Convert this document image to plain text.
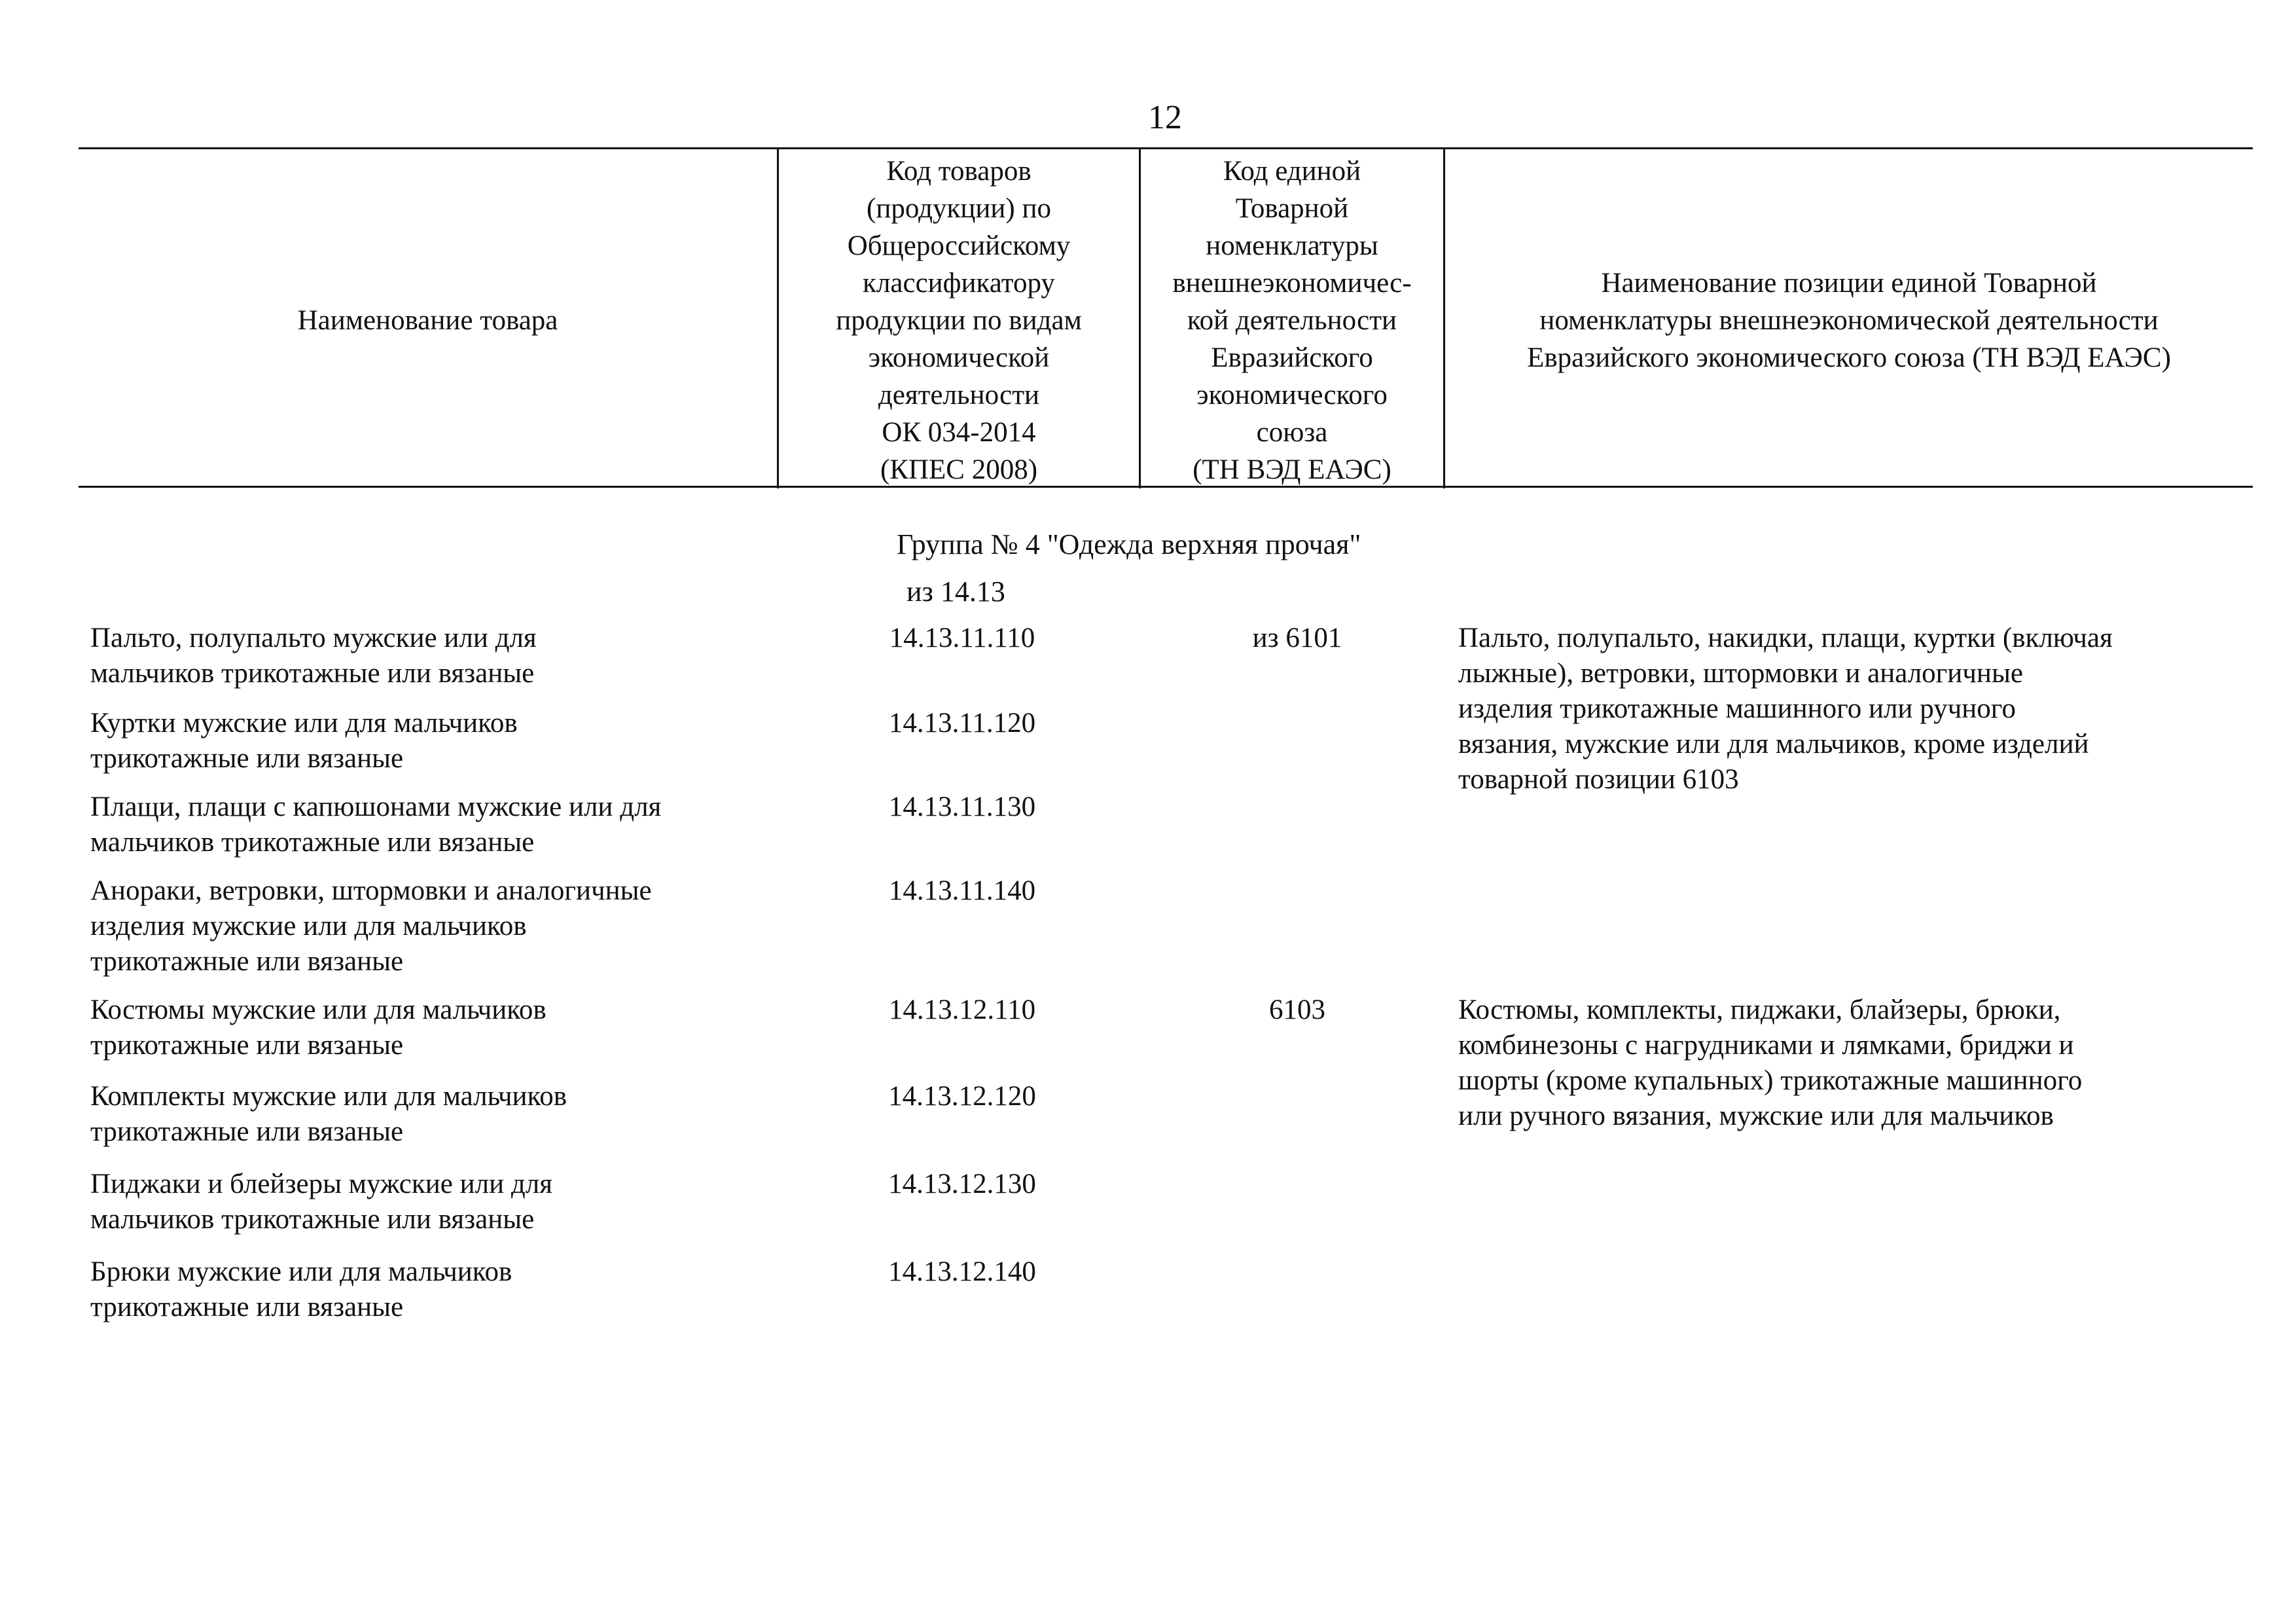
12
Наименование товара
Код товаров
(продукции) по
Общероссийскому
классификатору
продукции по видам
экономической
деятельности
ОК 034-2014
(КПЕС 2008)
Код единой
Товарной
номенклатуры
внешнеэкономичес-
кой деятельности
Евразийского
экономического
союза
(ТН ВЭД ЕАЭС)
Наименование позиции единой Товарной
номенклатуры внешнеэкономической деятельности
Евразийского экономического союза (ТН ВЭД ЕАЭС)
Группа № 4 "Одежда верхняя прочая"
из 14.13
Пальто, полупальто мужские или для
мальчиков трикотажные или вязаные
14.13.11.110	из 6101
Куртки мужские или для мальчиков
трикотажные или вязаные
14.13.11.120
Плащи, плащи с капюшонами мужские или для
мальчиков трикотажные или вязаные
14.13.11.130
Анораки, ветровки, штормовки и аналогичные
изделия мужские или для мальчиков
трикотажные или вязаные
14.13.11.140
Костюмы мужские или для мальчиков
трикотажные или вязаные
14.13.12.110	6103
Комплекты мужские или для мальчиков
трикотажные или вязаные
14.13.12.120
Пиджаки и блейзеры мужские или для
мальчиков трикотажные или вязаные
14.13.12.130
Брюки мужские или для мальчиков
трикотажные или вязаные
14.13.12.140
Пальто, полупальто, накидки, плащи, куртки (включая
лыжные), ветровки, штормовки и аналогичные
изделия трикотажные машинного или ручного
вязания, мужские или для мальчиков, кроме изделий
товарной позиции 6103
Костюмы, комплекты, пиджаки, блайзеры, брюки,
комбинезоны с нагрудниками и лямками, бриджи и
шорты (кроме купальных) трикотажные машинного
или ручного вязания, мужские или для мальчиков
